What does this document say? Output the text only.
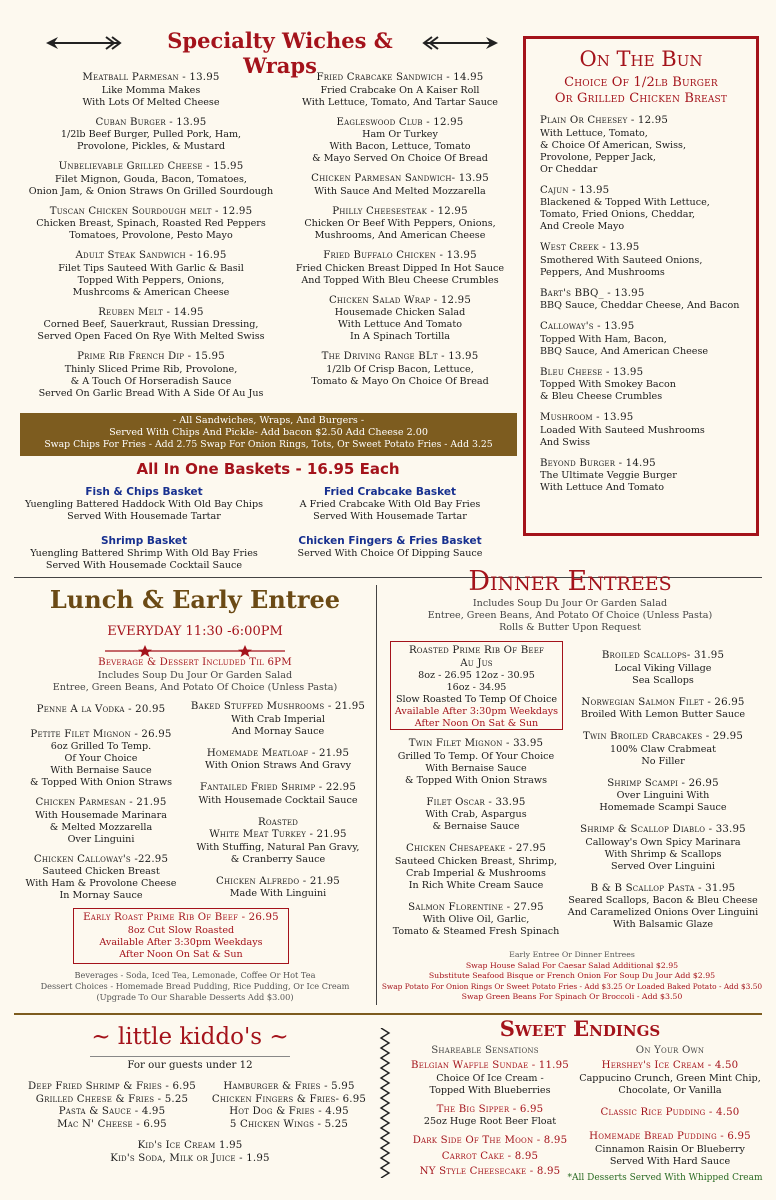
Specialty Wiches & Wraps
Meatball Parmesan - 13.95
Like Momma Makes
With Lots Of Melted Cheese
Cuban Burger - 13.95
1/2lb Beef Burger, Pulled Pork, Ham,
Provolone, Pickles, & Mustard
Unbelievable Grilled Cheese - 15.95
Filet Mignon, Gouda, Bacon, Tomatoes,
Onion Jam, & Onion Straws On Grilled Sourdough
Tuscan Chicken Sourdough melt - 12.95
Chicken Breast, Spinach, Roasted Red Peppers
Tomatoes, Provolone, Pesto Mayo
Adult Steak Sandwich - 16.95
Filet Tips Sauteed With Garlic & Basil
Topped With Peppers, Onions,
Mushrcoms & American Cheese
Reuben Melt - 14.95
Corned Beef, Sauerkraut, Russian Dressing,
Served Open Faced On Rye With Melted Swiss
Prime Rib French Dip - 15.95
Thinly Sliced Prime Rib, Provolone,
& A Touch Of Horseradish Sauce
Served On Garlic Bread With A Side Of Au Jus
Fried Crabcake Sandwich - 14.95
Fried Crabcake On A Kaiser Roll
With Lettuce, Tomato, And Tartar Sauce
Eagleswood Club - 12.95
Ham Or Turkey
With Bacon, Lettuce, Tomato
& Mayo Served On Choice Of Bread
Chicken Parmesan Sandwich- 13.95
With Sauce And Melted Mozzarella
Philly Cheesesteak - 12.95
Chicken Or Beef With Peppers, Onions,
Mushrooms, And American Cheese
Fried Buffalo Chicken - 13.95
Fried Chicken Breast Dipped In Hot Sauce
And Topped With Bleu Cheese Crumbles
Chicken Salad Wrap - 12.95
Housemade Chicken Salad
With Lettuce And Tomato
In A Spinach Tortilla
The Driving Range BLt - 13.95
1/2lb Of Crisp Bacon, Lettuce,
Tomato & Mayo On Choice Of Bread
- All Sandwiches, Wraps, And Burgers -
Served With Chips And Pickle- Add bacon $2.50 Add Cheese 2.00
Swap Chips For Fries - Add 2.75 Swap For Onion Rings, Tots, Or Sweet Potato Fries - Add 3.25
All In One Baskets - 16.95 Each
Fish & Chips Basket
Yuengling Battered Haddock With Old Bay Chips
Served With Housemade Tartar
Fried Crabcake Basket
A Fried Crabcake With Old Bay Fries
Served With Housemade Tartar
Shrimp Basket
Yuengling Battered Shrimp With Old Bay Fries
Served With Housemade Cocktail Sauce
Chicken Fingers & Fries Basket
Served With Choice Of Dipping Sauce
On The Bun
Choice Of 1/2lb Burger
Or Grilled Chicken Breast
Plain Or Cheesey - 12.95
With Lettuce, Tomato,
& Choice Of American, Swiss,
Provolone, Pepper Jack,
Or Cheddar
Cajun - 13.95
Blackened & Topped With Lettuce,
Tomato, Fried Onions, Cheddar,
And Creole Mayo
West Creek - 13.95
Smothered With Sauteed Onions,
Peppers, And Mushrooms
Bart's BBQ_ - 13.95
BBQ Sauce, Cheddar Cheese, And Bacon
Calloway's - 13.95
Topped With Ham, Bacon,
BBQ Sauce, And American Cheese
Bleu Cheese - 13.95
Topped With Smokey Bacon
& Bleu Cheese Crumbles
Mushroom - 13.95
Loaded With Sauteed Mushrooms
And Swiss
Beyond Burger - 14.95
The Ultimate Veggie Burger
With Lettuce And Tomato
Lunch & Early Entree
EVERYDAY 11:30 -6:00PM
Beverage & Dessert Included Til 6PM
Includes Soup Du Jour Or Garden Salad
Entree, Green Beans, And Potato Of Choice (Unless Pasta)
Penne A la Vodka - 20.95
Petite Filet Mignon - 26.95
6oz Grilled To Temp.
Of Your Choice
With Bernaise Sauce
& Topped With Onion Straws
Chicken Parmesan - 21.95
With Housemade Marinara
& Melted Mozzarella
Over Linguini
Chicken Calloway's -22.95
Sauteed Chicken Breast
With Ham & Provolone Cheese
In Mornay Sauce
Baked Stuffed Mushrooms - 21.95
With Crab Imperial
And Mornay Sauce
Homemade Meatloaf - 21.95
With Onion Straws And Gravy
Fantailed Fried Shrimp - 22.95
With Housemade Cocktail Sauce
Roasted
White Meat Turkey - 21.95
With Stuffing, Natural Pan Gravy,
& Cranberry Sauce
Chicken Alfredo - 21.95
Made With Linguini
Early Roast Prime Rib Of Beef - 26.95
8oz Cut Slow Roasted
Available After 3:30pm Weekdays
After Noon On Sat & Sun
Beverages - Soda, Iced Tea, Lemonade, Coffee Or Hot Tea
Dessert Choices - Homemade Bread Pudding, Rice Pudding, Or Ice Cream
(Upgrade To Our Sharable Desserts Add $3.00)
Dinner Entrees
Includes Soup Du Jour Or Garden Salad
Entree, Green Beans, And Potato Of Choice (Unless Pasta)
Rolls & Butter Upon Request
Roasted Prime Rib Of Beef
Au Jus
8oz - 26.95 12oz - 30.95
16oz - 34.95
Slow Roasted To Temp Of Choice
Available After 3:30pm Weekdays
After Noon On Sat & Sun
Twin Filet Mignon - 33.95
Grilled To Temp. Of Your Choice
With Bernaise Sauce
& Topped With Onion Straws
Filet Oscar - 33.95
With Crab, Aspargus
& Bernaise Sauce
Chicken Chesapeake - 27.95
Sauteed Chicken Breast, Shrimp,
Crab Imperial & Mushrooms
In Rich White Cream Sauce
Salmon Florentine - 27.95
With Olive Oil, Garlic,
Tomato & Steamed Fresh Spinach
Broiled Scallops- 31.95
Local Viking Village
Sea Scallops
Norwegian Salmon Filet - 26.95
Broiled With Lemon Butter Sauce
Twin Broiled Crabcakes - 29.95
100% Claw Crabmeat
No Filler
Shrimp Scampi - 26.95
Over Linguini With
Homemade Scampi Sauce
Shrimp & Scallop Diablo - 33.95
Calloway's Own Spicy Marinara
With Shrimp & Scallops
Served Over Linguini
B & B Scallop Pasta - 31.95
Seared Scallops, Bacon & Bleu Cheese
And Caramelized Onions Over Linguini
With Balsamic Glaze
Early Entree Or Dinner Entrees
Swap House Salad For Caesar Salad Additional $2.95
Substitute Seafood Bisque or French Onion For Soup Du Jour Add $2.95
Swap Potato For Onion Rings Or Sweet Potato Fries - Add $3.25 Or Loaded Baked Potato - Add $3.50
Swap Green Beans For Spinach Or Broccoli - Add $3.50
~ little kiddo's ~
For our guests under 12
Deep Fried Shrimp & Fries - 6.95
Grilled Cheese & Fries - 5.25
Pasta & Sauce - 4.95
Mac N' Cheese - 6.95
Hamburger & Fries - 5.95
Chicken Fingers & Fries- 6.95
Hot Dog & Fries - 4.95
5 Chicken Wings - 5.25
Kid's Ice Cream 1.95
Kid's Soda, Milk or Juice - 1.95
Sweet Endings
Shareable Sensations	On Your Own
Belgian Waffle Sundae - 11.95
Choice Of Ice Cream -
Topped With Blueberries
The Big Sipper - 6.95
25oz Huge Root Beer Float
Dark Side Of The Moon - 8.95
Carrot Cake - 8.95
NY Style Cheesecake - 8.95
Hershey's Ice Cream - 4.50
Cappucino Crunch, Green Mint Chip,
Chocolate, Or Vanilla
Classic Rice Pudding - 4.50
Homemade Bread Pudding - 6.95
Cinnamon Raisin Or Blueberry
Served With Hard Sauce
*All Desserts Served With Whipped Cream
